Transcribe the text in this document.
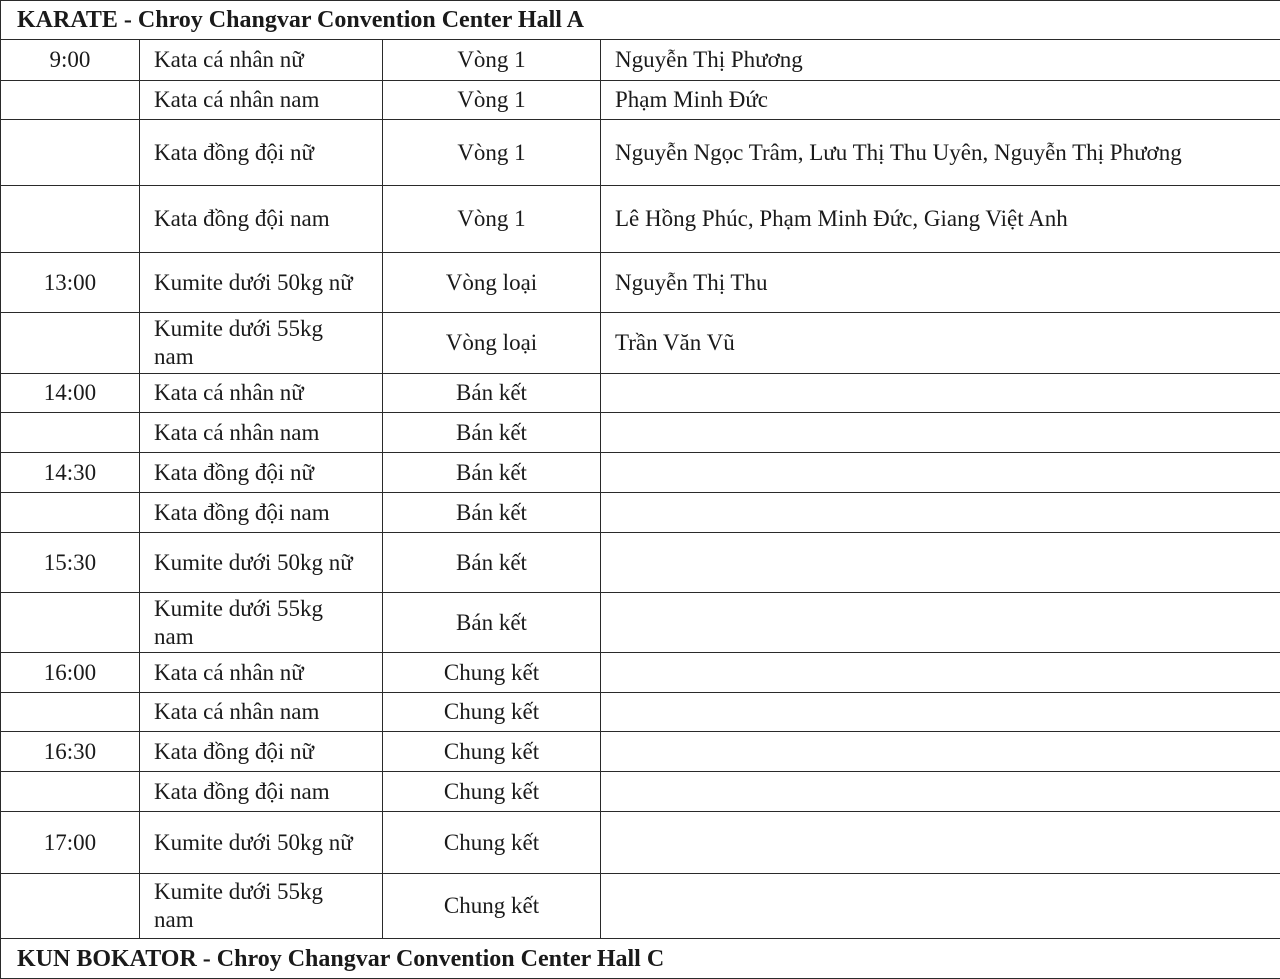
KARATE - Chroy Changvar Convention Center Hall A			
9:00	Kata cá nhân nữ	Vòng 1	Nguyễn Thị Phương
	Kata cá nhân nam	Vòng 1	Phạm Minh Đức
	Kata đồng đội nữ	Vòng 1	Nguyễn Ngọc Trâm, Lưu Thị Thu Uyên, Nguyễn Thị Phương
	Kata đồng đội nam	Vòng 1	Lê Hồng Phúc, Phạm Minh Đức, Giang Việt Anh
13:00	Kumite dưới 50kg nữ	Vòng loại	Nguyễn Thị Thu
	Kumite dưới 55kg nam	Vòng loại	Trần Văn Vũ
14:00	Kata cá nhân nữ	Bán kết	
	Kata cá nhân nam	Bán kết	
14:30	Kata đồng đội nữ	Bán kết	
	Kata đồng đội nam	Bán kết	
15:30	Kumite dưới 50kg nữ	Bán kết	
	Kumite dưới 55kg nam	Bán kết	
16:00	Kata cá nhân nữ	Chung kết	
	Kata cá nhân nam	Chung kết	
16:30	Kata đồng đội nữ	Chung kết	
	Kata đồng đội nam	Chung kết	
17:00	Kumite dưới 50kg nữ	Chung kết	
	Kumite dưới 55kg nam	Chung kết	
KUN BOKATOR - Chroy Changvar Convention Center Hall C			
